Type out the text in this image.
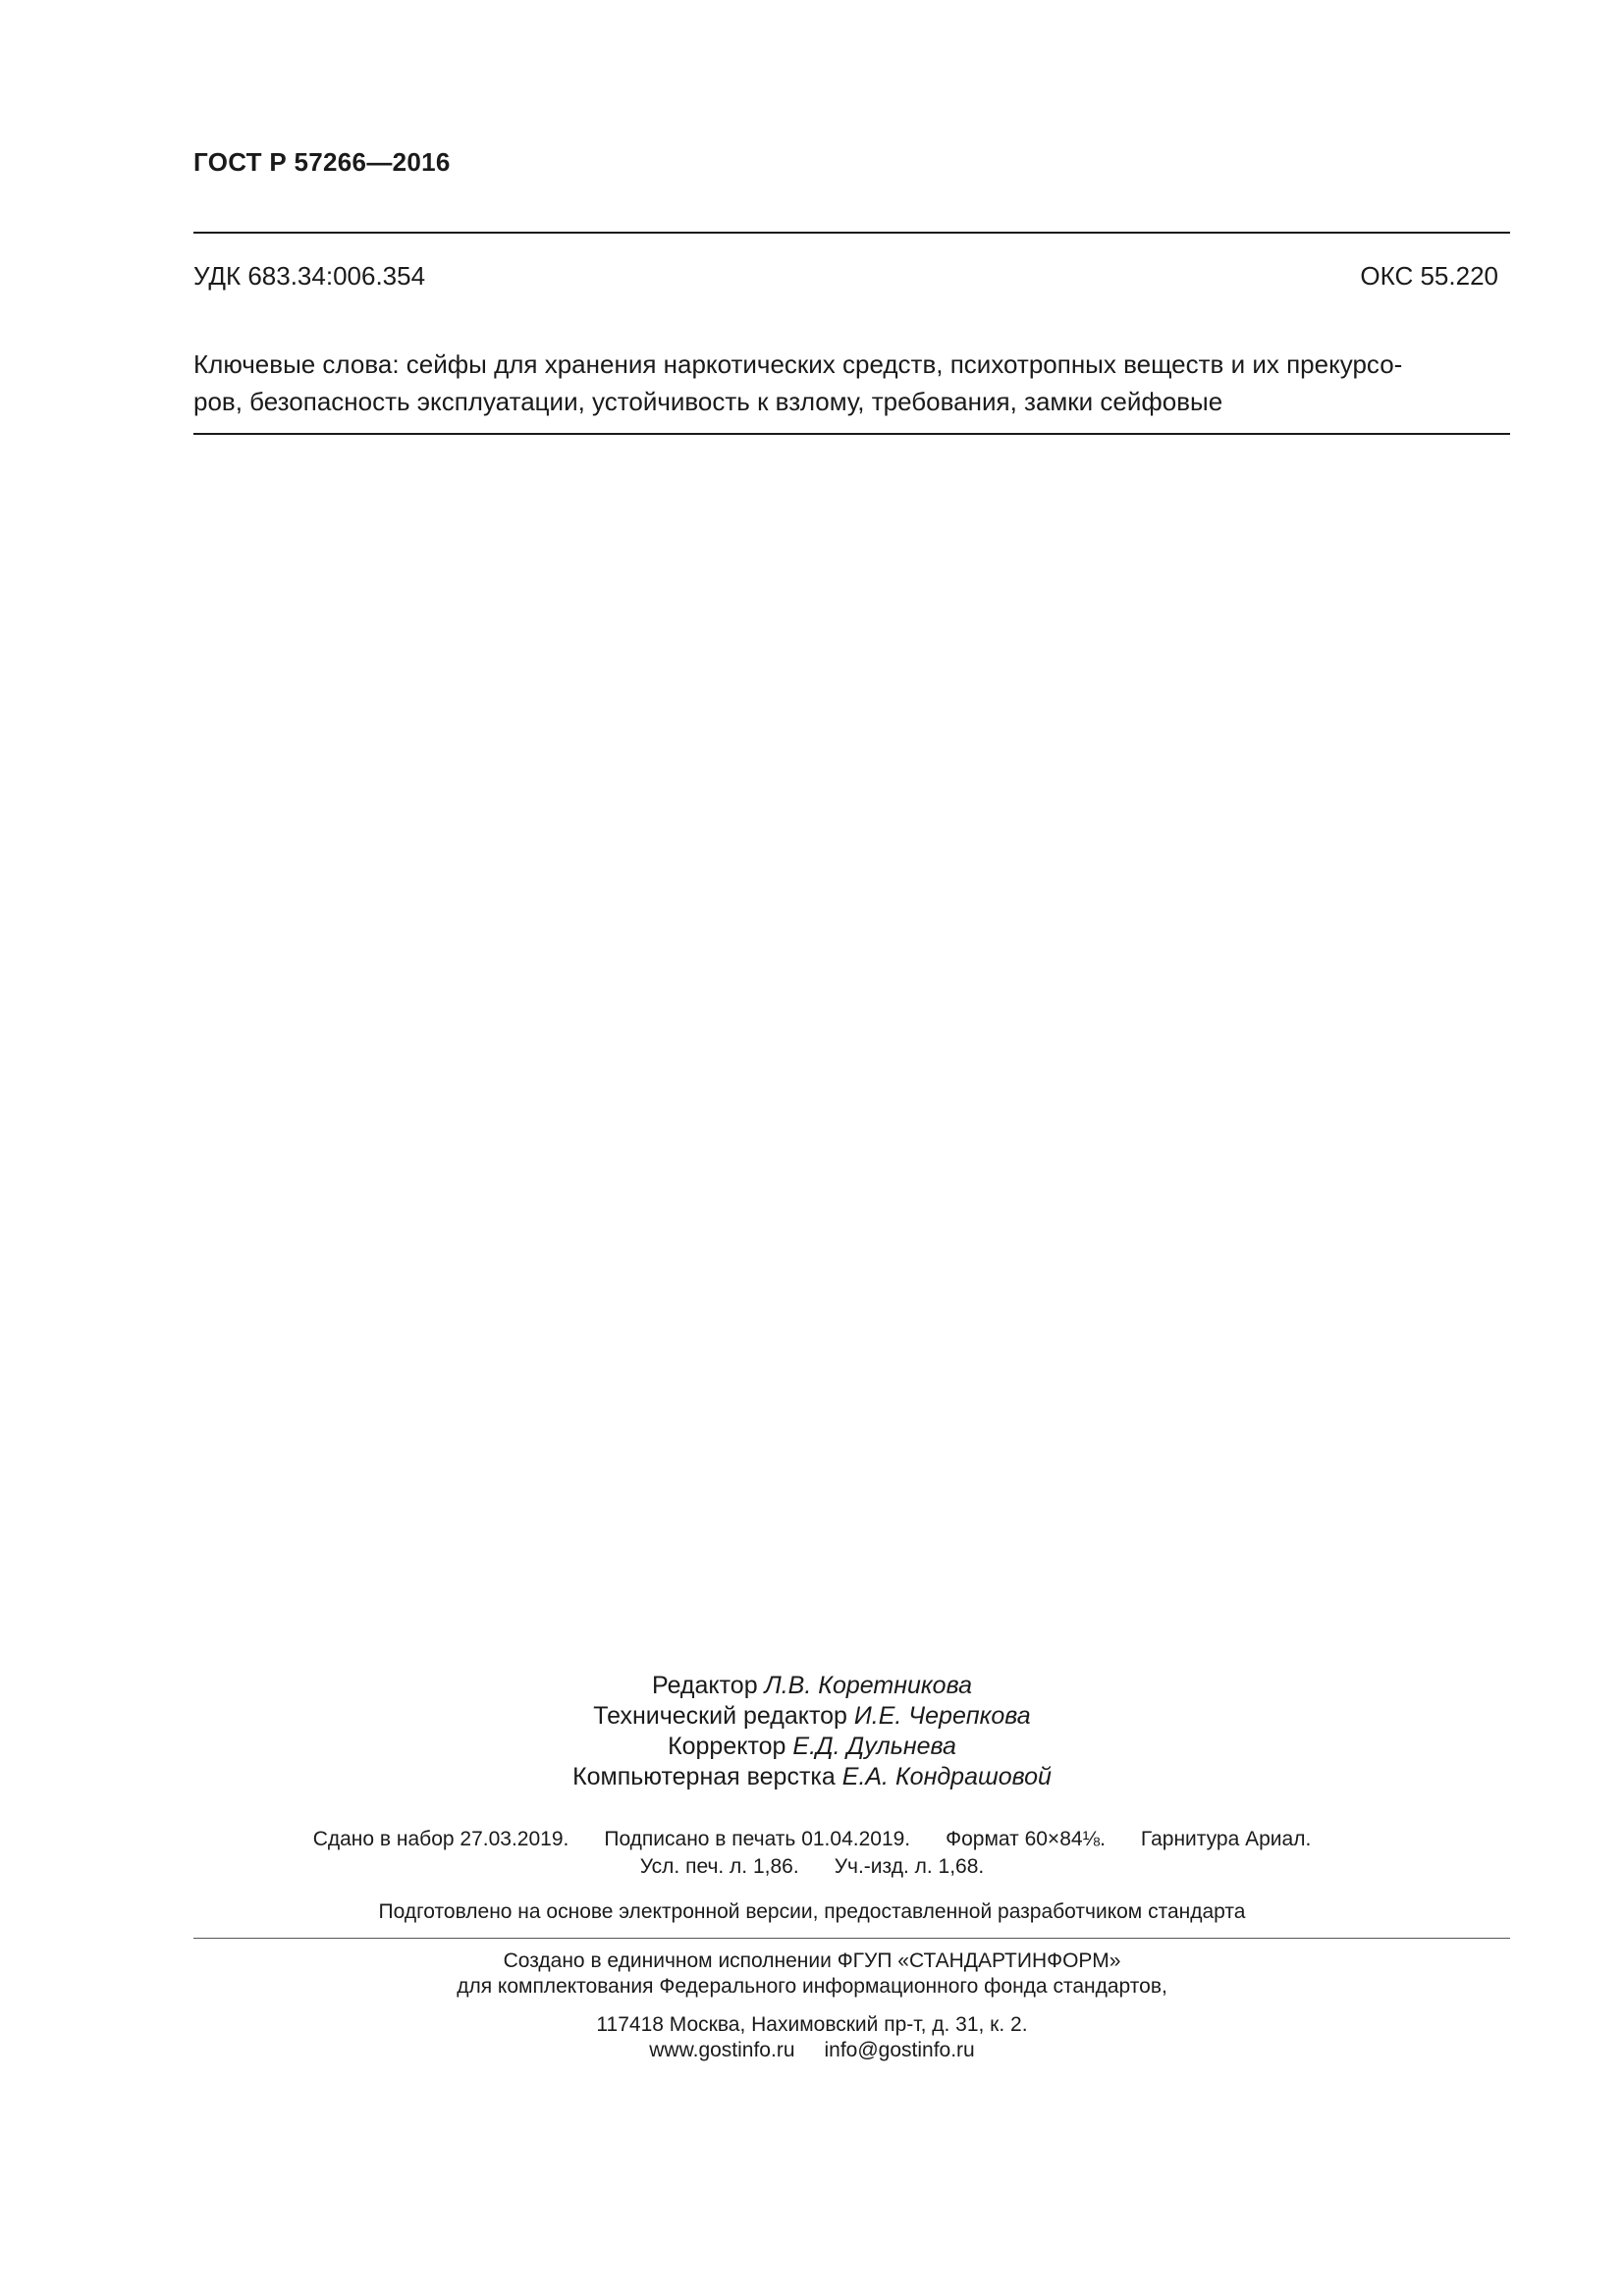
ГОСТ Р 57266—2016
УДК 683.34:006.354	ОКС 55.220
Ключевые слова: сейфы для хранения наркотических средств, психотропных веществ и их прекурсо-
ров, безопасность эксплуатации, устойчивость к взлому, требования, замки сейфовые
Редактор Л.В. Коретникова
Технический редактор И.Е. Черепкова
Корректор Е.Д. Дульнева
Компьютерная верстка Е.А. Кондрашовой
Сдано в набор 27.03.2019. Подписано в печать 01.04.2019. Формат 60×84⅛. Гарнитура Ариал.
Усл. печ. л. 1,86. Уч.-изд. л. 1,68.
Подготовлено на основе электронной версии, предоставленной разработчиком стандарта
Создано в единичном исполнении ФГУП «СТАНДАРТИНФОРМ»
для комплектования Федерального информационного фонда стандартов,
117418 Москва, Нахимовский пр-т, д. 31, к. 2.
www.gostinfo.ru info@gostinfo.ru
